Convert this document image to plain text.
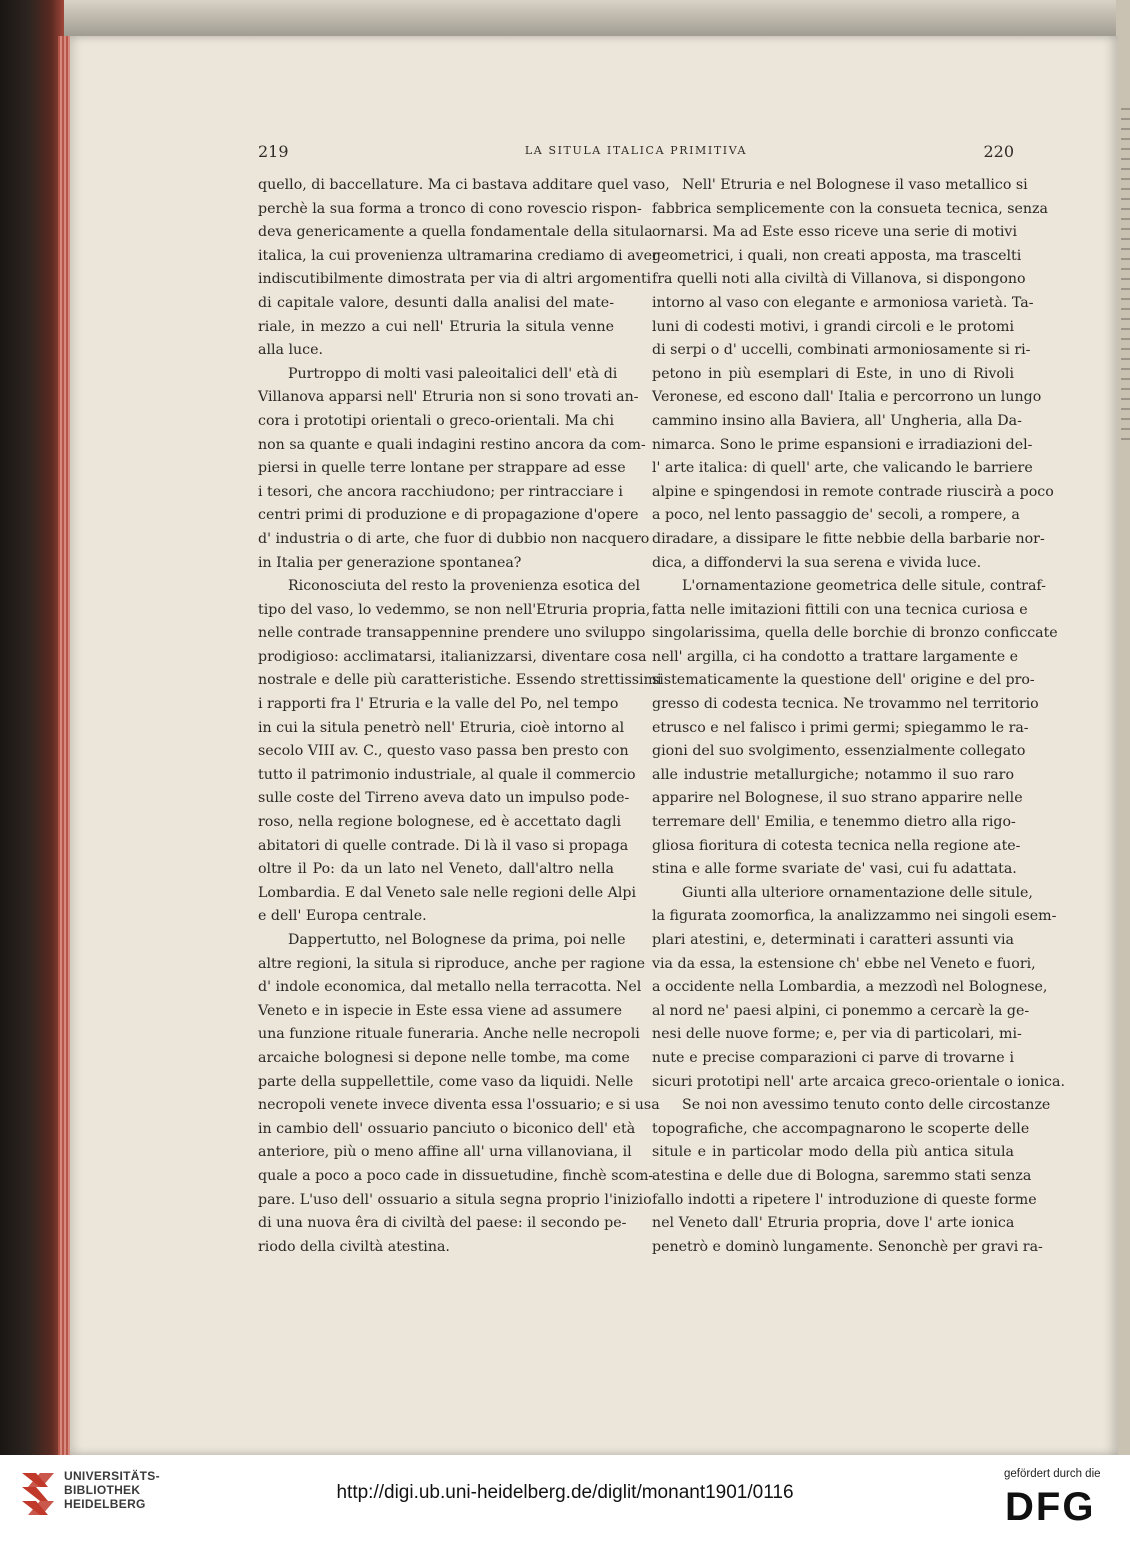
219	LA SITULA ITALICA PRIMITIVA	220
quello, di baccellature. Ma ci bastava additare quel vaso,
perchè la sua forma a tronco di cono rovescio rispon-
deva genericamente a quella fondamentale della situla
italica, la cui provenienza ultramarina crediamo di aver
indiscutibilmente dimostrata per via di altri argomenti
di capitale valore, desunti dalla analisi del mate-
riale, in mezzo a cui nell' Etruria la situla venne
alla luce.
Purtroppo di molti vasi paleoitalici dell' età di
Villanova apparsi nell' Etruria non si sono trovati an-
cora i prototipi orientali o greco-orientali. Ma chi
non sa quante e quali indagini restino ancora da com-
piersi in quelle terre lontane per strappare ad esse
i tesori, che ancora racchiudono; per rintracciare i
centri primi di produzione e di propagazione d'opere
d' industria o di arte, che fuor di dubbio non nacquero
in Italia per generazione spontanea?
Riconosciuta del resto la provenienza esotica del
tipo del vaso, lo vedemmo, se non nell'Etruria propria,
nelle contrade transappennine prendere uno sviluppo
prodigioso: acclimatarsi, italianizzarsi, diventare cosa
nostrale e delle più caratteristiche. Essendo strettissimi
i rapporti fra l' Etruria e la valle del Po, nel tempo
in cui la situla penetrò nell' Etruria, cioè intorno al
secolo VIII av. C., questo vaso passa ben presto con
tutto il patrimonio industriale, al quale il commercio
sulle coste del Tirreno aveva dato un impulso pode-
roso, nella regione bolognese, ed è accettato dagli
abitatori di quelle contrade. Di là il vaso si propaga
oltre il Po: da un lato nel Veneto, dall'altro nella
Lombardia. E dal Veneto sale nelle regioni delle Alpi
e dell' Europa centrale.
Dappertutto, nel Bolognese da prima, poi nelle
altre regioni, la situla si riproduce, anche per ragione
d' indole economica, dal metallo nella terracotta. Nel
Veneto e in ispecie in Este essa viene ad assumere
una funzione rituale funeraria. Anche nelle necropoli
arcaiche bolognesi si depone nelle tombe, ma come
parte della suppellettile, come vaso da liquidi. Nelle
necropoli venete invece diventa essa l'ossuario; e si usa
in cambio dell' ossuario panciuto o biconico dell' età
anteriore, più o meno affine all' urna villanoviana, il
quale a poco a poco cade in dissuetudine, finchè scom-
pare. L'uso dell' ossuario a situla segna proprio l'inizio
di una nuova êra di civiltà del paese: il secondo pe-
riodo della civiltà atestina.
Nell' Etruria e nel Bolognese il vaso metallico si
fabbrica semplicemente con la consueta tecnica, senza
ornarsi. Ma ad Este esso riceve una serie di motivi
geometrici, i quali, non creati apposta, ma trascelti
fra quelli noti alla civiltà di Villanova, si dispongono
intorno al vaso con elegante e armoniosa varietà. Ta-
luni di codesti motivi, i grandi circoli e le protomi
di serpi o d' uccelli, combinati armoniosamente si ri-
petono in più esemplari di Este, in uno di Rivoli
Veronese, ed escono dall' Italia e percorrono un lungo
cammino insino alla Baviera, all' Ungheria, alla Da-
nimarca. Sono le prime espansioni e irradiazioni del-
l' arte italica: di quell' arte, che valicando le barriere
alpine e spingendosi in remote contrade riuscirà a poco
a poco, nel lento passaggio de' secoli, a rompere, a
diradare, a dissipare le fitte nebbie della barbarie nor-
dica, a diffondervi la sua serena e vivida luce.
L'ornamentazione geometrica delle situle, contraf-
fatta nelle imitazioni fittili con una tecnica curiosa e
singolarissima, quella delle borchie di bronzo conficcate
nell' argilla, ci ha condotto a trattare largamente e
sistematicamente la questione dell' origine e del pro-
gresso di codesta tecnica. Ne trovammo nel territorio
etrusco e nel falisco i primi germi; spiegammo le ra-
gioni del suo svolgimento, essenzialmente collegato
alle industrie metallurgiche; notammo il suo raro
apparire nel Bolognese, il suo strano apparire nelle
terremare dell' Emilia, e tenemmo dietro alla rigo-
gliosa fioritura di cotesta tecnica nella regione ate-
stina e alle forme svariate de' vasi, cui fu adattata.
Giunti alla ulteriore ornamentazione delle situle,
la figurata zoomorfica, la analizzammo nei singoli esem-
plari atestini, e, determinati i caratteri assunti via
via da essa, la estensione ch' ebbe nel Veneto e fuori,
a occidente nella Lombardia, a mezzodì nel Bolognese,
al nord ne' paesi alpini, ci ponemmo a cercarè la ge-
nesi delle nuove forme; e, per via di particolari, mi-
nute e precise comparazioni ci parve di trovarne i
sicuri prototipi nell' arte arcaica greco-orientale o ionica.
Se noi non avessimo tenuto conto delle circostanze
topografiche, che accompagnarono le scoperte delle
situle e in particolar modo della più antica situla
atestina e delle due di Bologna, saremmo stati senza
fallo indotti a ripetere l' introduzione di queste forme
nel Veneto dall' Etruria propria, dove l' arte ionica
penetrò e dominò lungamente. Senonchè per gravi ra-
UNIVERSITÄTS-
BIBLIOTHEK
HEIDELBERG
http://digi.ub.uni-heidelberg.de/diglit/monant1901/0116
gefördert durch die
DFG
